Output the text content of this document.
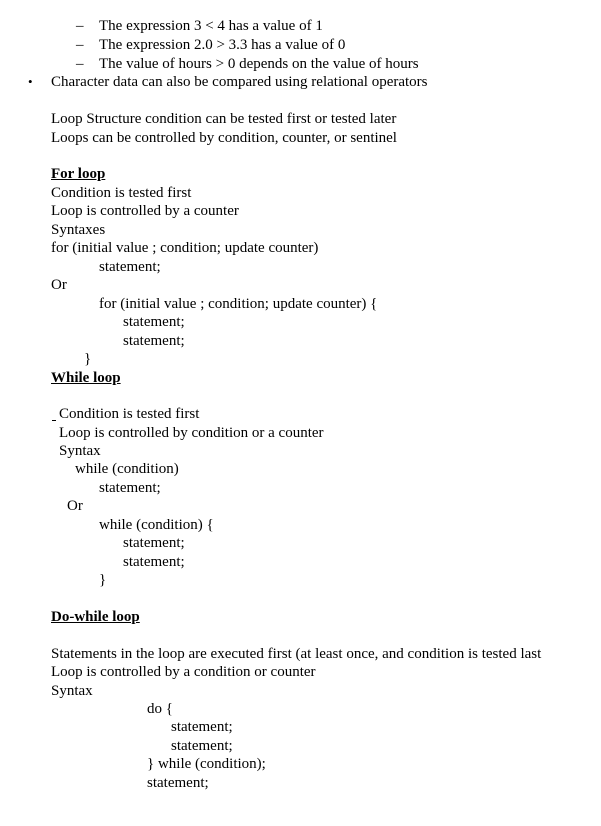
– The expression 3 < 4 has a value of 1
– The expression 2.0 > 3.3 has a value of 0
– The value of hours > 0 depends on the value of hours
• Character data can also be compared using relational operators
Loop Structure condition can be tested first or tested later
Loops can be controlled by condition, counter, or sentinel
For loop
Condition is tested first
Loop is controlled by a counter
Syntaxes
for (initial value ; condition; update counter)
statement;
Or
for (initial value ; condition; update counter) {
statement;
statement;
}
While loop
Condition is tested first
Loop is controlled by condition or a counter
Syntax
while (condition)
statement;
Or
while (condition) {
statement;
statement;
}
Do-while loop
Statements in the loop are executed first (at least once, and condition is tested last
Loop is controlled by a condition or counter
Syntax
do {
statement;
statement;
} while (condition);
statement;
